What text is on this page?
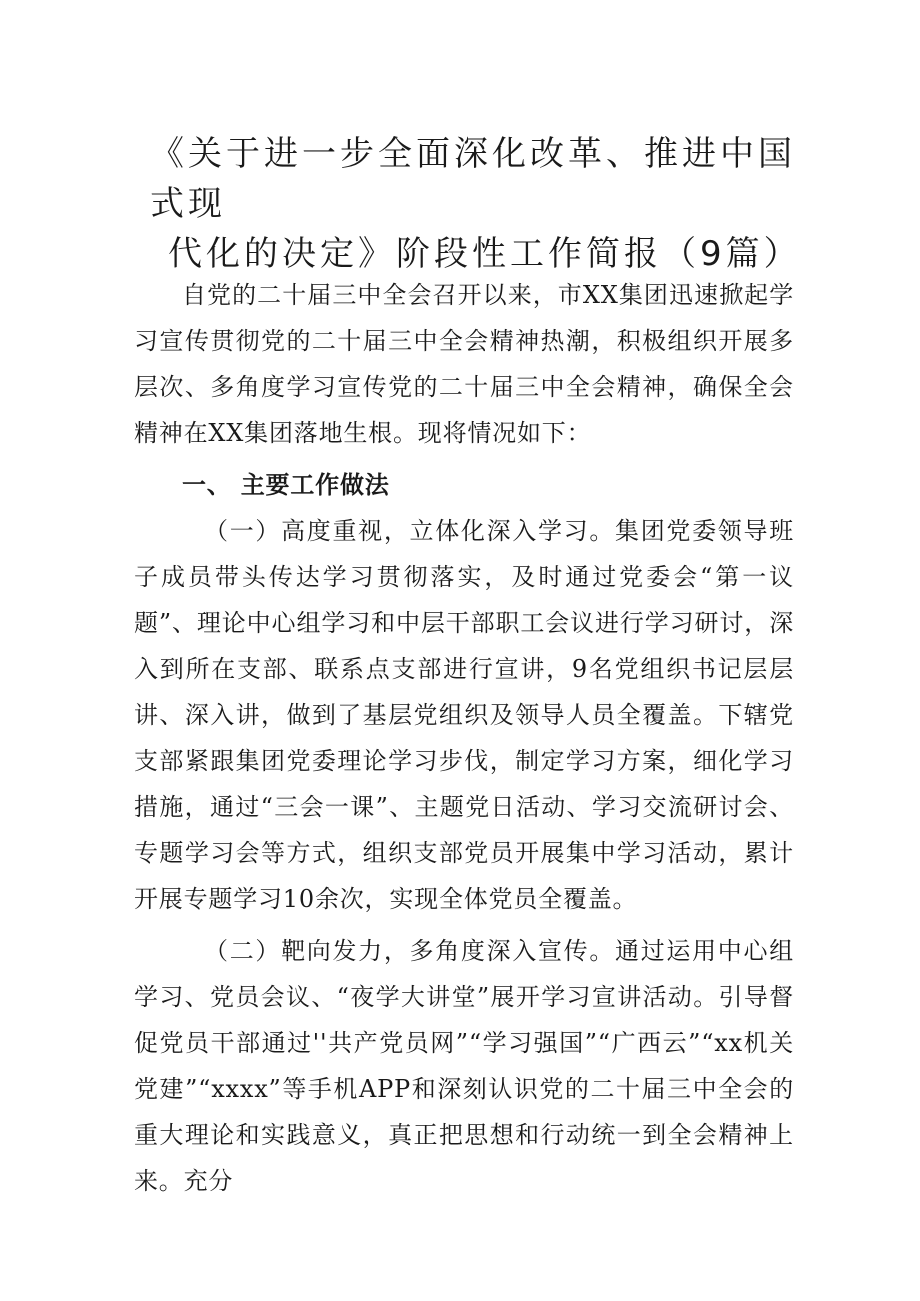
《关于进一步全面深化改革、推进中国式现
代化的决定》阶段性工作简报（9篇）

自党的二十届三中全会召开以来，市XX集团迅速掀起学习宣传贯彻党的二十届三中全会精神热潮，积极组织开展多层次、多角度学习宣传党的二十届三中全会精神，确保全会精神在XX集团落地生根。现将情况如下：

一、 主要工作做法

（一）高度重视，立体化深入学习。集团党委领导班子成员带头传达学习贯彻落实，及时通过党委会“第一议题”、理论中心组学习和中层干部职工会议进行学习研讨，深入到所在支部、联系点支部进行宣讲，9名党组织书记层层讲、深入讲，做到了基层党组织及领导人员全覆盖。下辖党支部紧跟集团党委理论学习步伐，制定学习方案，细化学习措施，通过“三会一课”、主题党日活动、学习交流研讨会、专题学习会等方式，组织支部党员开展集中学习活动，累计开展专题学习10余次，实现全体党员全覆盖。

（二）靶向发力，多角度深入宣传。通过运用中心组学习、党员会议、“夜学大讲堂”展开学习宣讲活动。引导督促党员干部通过''共产党员网”“学习强国”“广西云”“xx机关党建”“xxxx”等手机APP和深刻认识党的二十届三中全会的重大理论和实践意义，真正把思想和行动统一到全会精神上来。充分
